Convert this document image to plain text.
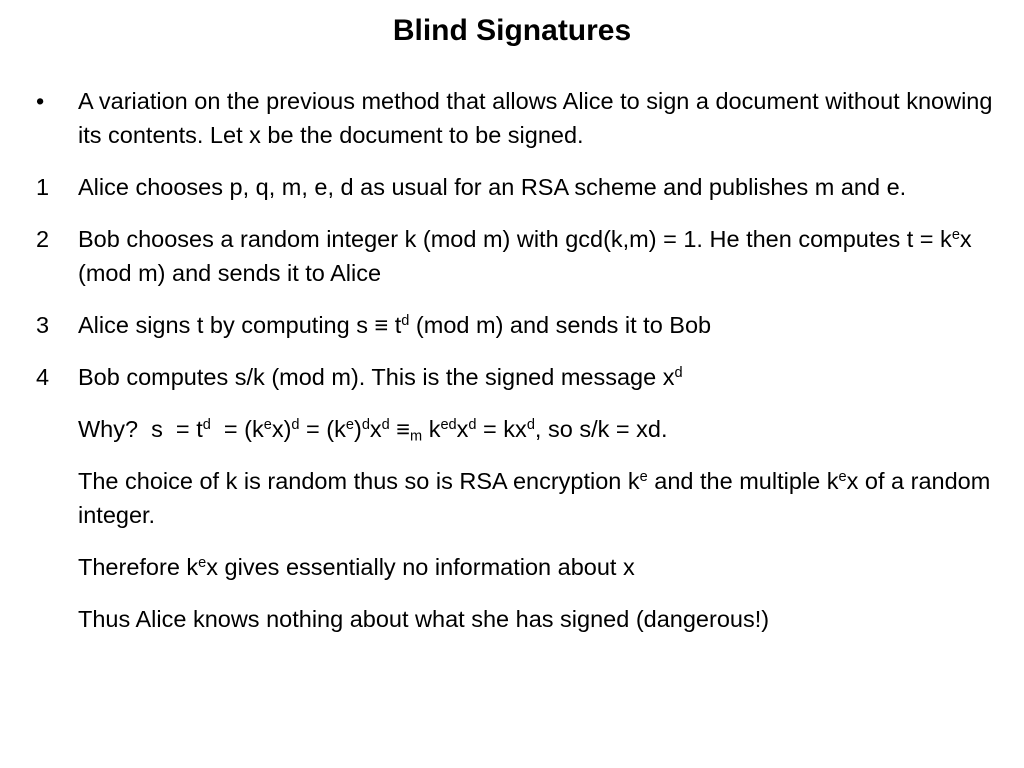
Blind Signatures
•	A variation on the previous method that allows Alice to sign a document without knowing its contents. Let x be the document to be signed.
1	Alice chooses p, q, m, e, d as usual for an RSA scheme and publishes m and e.
2	Bob chooses a random integer k (mod m) with gcd(k,m) = 1. He then computes $t = k^ex$ (mod m) and sends it to Alice
3	Alice signs t by computing $s \equiv t^d$ (mod m) and sends it to Bob
4	Bob computes s/k (mod m). This is the signed message $x^d$
Why?  $s = t^d = (k^ex)^d = (k^e)^dx^d \equiv_m$ $k^{ed}x^d = kx^d$, so s/k = xd.
The choice of k is random thus so is RSA encryption $k^e$ and the multiple $k^ex$ of a random integer.
Therefore $k^ex$ gives essentially no information about x
Thus Alice knows nothing about what she has signed (dangerous!)
